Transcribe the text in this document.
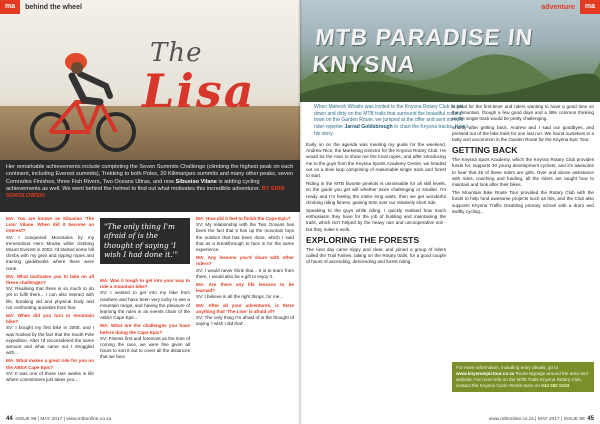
ma	behind the wheel
The
Lisa
Her remarkable achievements include completing the Seven Summits Challenge (climbing the highest peak on each continent, including Everest summits), Trekking to both Poles, 20 Kilimanjaro summits and many other peaks, seven Comrades Finishes, three Fish Rivers, Two Oceans Ultras, and now Sibusiso Vilane is adding cycling achievements as well. We went behind the helmet to find out what motivates this incredible adventurer. BY ERIN SOKOLOWSKI

MA: You are known as Sibusiso 'The Lion' Vilane. When did it become an interest?
SV: I conquered Mountains by my tremendous Hero Mnuka while climbing Mount Everest in 2003. I'd started some hill climbs with my gear and ripping ropes and training guidebooks where there were none.

MA: What motivates you to take on all these challenges?
SV: Realising that there is so much to do yet to fulfil there... I can also interact with life, breaking old and physical body and not confronting anxieties from fear.

MA: When did you turn to mountain bike?
SV: I bought my first bike in 2008, and I was hooked by the fact that the South Pole expedition. After I'd reconsidered the same amount and what came out I struggled with...

MA: What makes a great ride for you on the ABSA Cape Epic?
SV: It was one of those rare weeks in life where commitment just takes you...

"The only thing I'm afraid of is the thought of saying 'I wish I had done it.'"

MA: Was it tough to get into your way to ride a mountain bike?
SV: I wanted to get into my bike from nowhere and have been very lucky to see a mountain range, and having the pleasure of learning the rules in an events chain of the ABSA Cape Epic...

MA: What are the challenges you have before doing the Cape Epic?
SV: Fitness first and foremost as the time of coming the race, we were fine given all hours to sort it out to cover all the distances that we face.

MA: How did it feel to finish the Cape Epic?
SV: My relationship with the Two Oceans has been the fact that it has up the mountain tops the outdoor that has been done, which I said that as a breakthrough to face in for the same experience.

MA: Any lessons you'd share with other riders?
SV: I would never think that... It is to learn from there, I would also be a gift to enjoy it.

MA: Are there any life lessons to be learned?
SV: I believe in all the right things, for me...

MA: After all your adventures, is there anything that 'The Lion' is afraid of?
SV: The only thing I'm afraid of is the thought of saying 'I wish I did that'.

44
ISSUE 98 | MAY 2017 | www.mtbonline.co.za
adventure	ma
MTB PARADISE IN KNYSNA
When Mahesh Whatto was invited to the Knysna Rotary Club to get down and dirty on the MTB trails that surround the beautiful coastal town on the Garden Route, we jumped at the offer and sent intrepid rider-reporter Jarrad Goldsbrough to chart the Knysna tracks. Here's his story.

Early on on the agenda was meeting my guide for the weekend, Andrew Rice, the Marketing Director for the Knysna Rotary Club. He would be the man to show me the local ropes, and after introducing me to the guys from the Knysna Sports Academy Centre, we headed out on a slow loop comprising of reasonable single track and forest to start.

Riding in the MTB favorite pinelots is unmissable for all skill levels, so the guide you get will whether more challenging or smaller. I'm ready and I'm feeling the entire long waits, then we get wonderful climbing riding fitness, gaining 50m over our relatively short ride.

Speaking to the guys while riding, I quickly realised how much enthusiasm they have for the job of building and maintaining the trails, which isn't helped by the heavy rain and uncooperative soil - but they make it work.

EXPLORING THE FORESTS

The next day came nippy and clear, and joined a group of riders called the Trail Fairies, taking on the Rotary trails, for a good couple of hours of ascending, descending and forest riding.

is ideal for the first-timer and riders wanting to have a good time on the mountain, though a few good days and a little common thinking on the single track would be pretty challenging.

Shortly after getting back, Andrew and I said our goodbyes, and pressed out of the bike trails for one last run. We found ourselves in a tasty and uncommon in the Garden Route for the Knysna Epic Tour.

GETTING BACK

The Knysna Sport Academy, which the Knysna Rotary Club provides funds for, supports 30 young development cyclists, and it's awesome to hear that 25 of these riders are girls. Over and above assistance with rides, coaching and funding, all the riders are taught how to maintain and look after their bikes.

The Mountain Bike Route Tour provided the Rotary Club with the funds to help fund awesome projects such as this, and the Club also supports Knysna Traffic Disabling primary school with a drum and swiftly cycling...

For more information, including entry details, go to www.knysnaepictour.co.za Route signage around the area and website. For more info on the MTB Trails Knysna Rotary Club, contact the Knysna Cycle Works team on 044 382 5153
www.mtbonline.co.za | MAY 2017 | ISSUE 98
45
